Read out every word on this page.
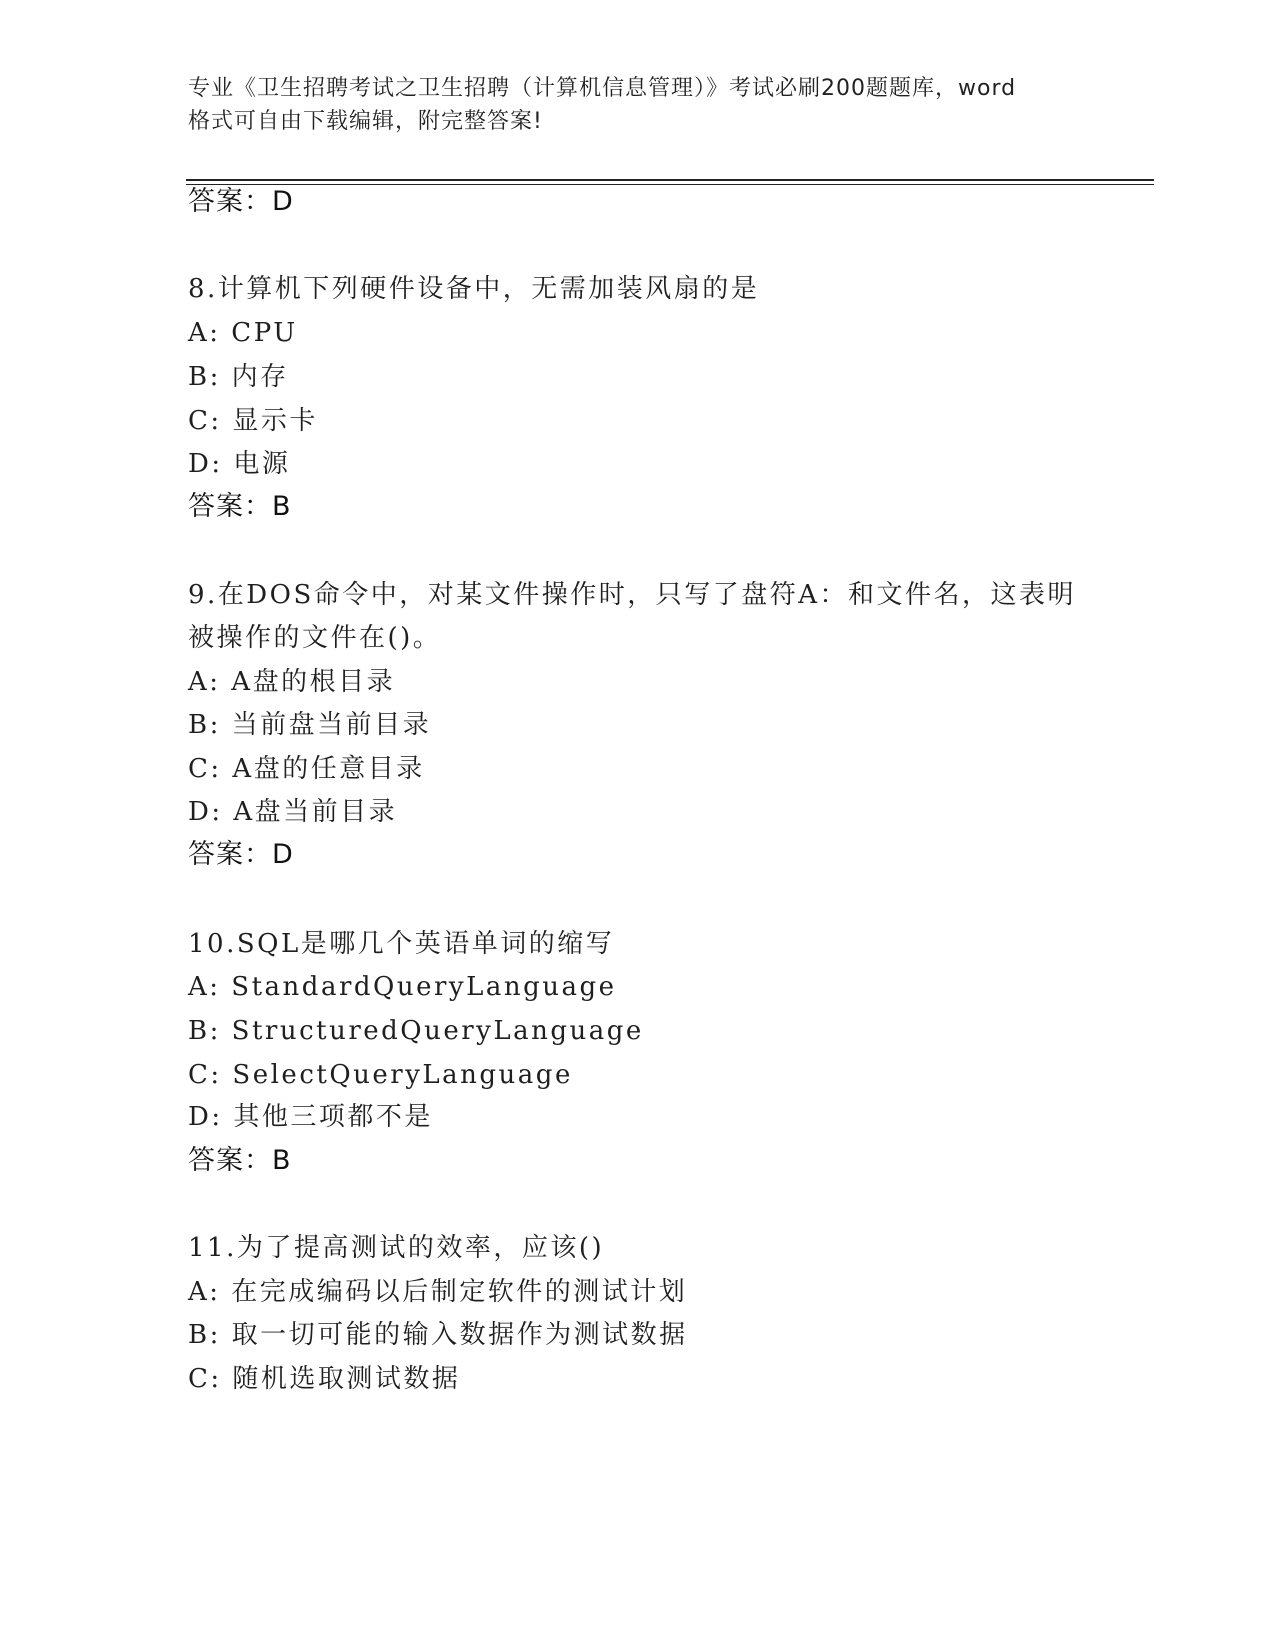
专业《卫生招聘考试之卫生招聘（计算机信息管理）》考试必刷200题题库，word
格式可自由下载编辑，附完整答案!
答案：D
8.计算机下列硬件设备中，无需加装风扇的是
A: CPU
B: 内存
C: 显示卡
D: 电源
答案：B
9.在DOS命令中，对某文件操作时，只写了盘符A：和文件名，这表明
被操作的文件在()。
A: A盘的根目录
B: 当前盘当前目录
C: A盘的任意目录
D: A盘当前目录
答案：D
10.SQL是哪几个英语单词的缩写
A: StandardQueryLanguage
B: StructuredQueryLanguage
C: SelectQueryLanguage
D: 其他三项都不是
答案：B
11.为了提高测试的效率，应该()
A: 在完成编码以后制定软件的测试计划
B: 取一切可能的输入数据作为测试数据
C: 随机选取测试数据
